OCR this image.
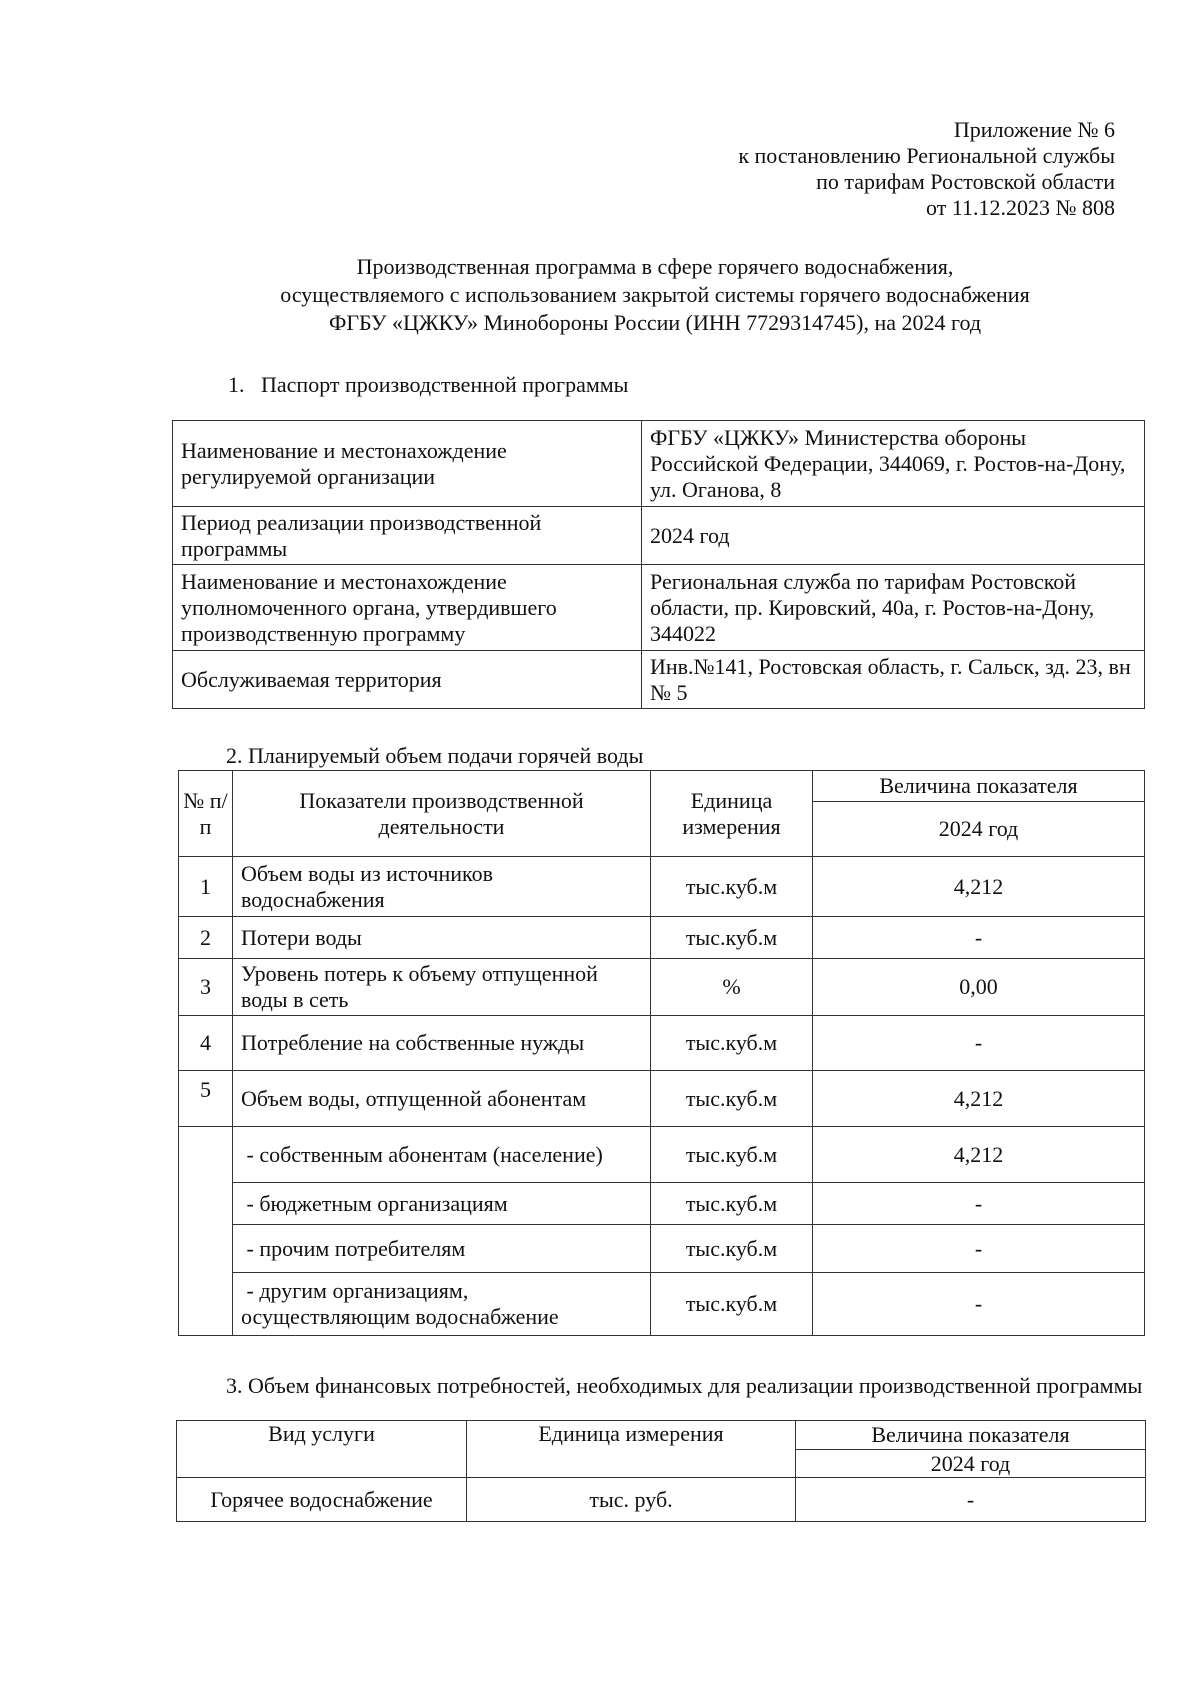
Приложение № 6
к постановлению Региональной службы
по тарифам Ростовской области
от 11.12.2023 № 808
Производственная программа в сфере горячего водоснабжения,
осуществляемого с использованием закрытой системы горячего водоснабжения
ФГБУ «ЦЖКУ» Минобороны России (ИНН 7729314745), на 2024 год
1.   Паспорт производственной программы
Наименование и местонахождение регулируемой организации	ФГБУ «ЦЖКУ» Министерства обороны Российской Федерации, 344069, г. Ростов-на-Дону, ул. Оганова, 8
Период реализации производственной программы	2024 год
Наименование и местонахождение уполномоченного органа, утвердившего производственную программу	Региональная служба по тарифам Ростовской области, пр. Кировский, 40а, г. Ростов-на-Дону, 344022
Обслуживаемая территория	Инв.№141, Ростовская область, г. Сальск, зд. 23, вн № 5
2. Планируемый объем подачи горячей воды
№ п/п	Показатели производственной деятельности	Единица измерения	Величина показателя
			2024 год
1	Объем воды из источников водоснабжения	тыс.куб.м	4,212
2	Потери воды	тыс.куб.м	-
3	Уровень потерь к объему отпущенной воды в сеть	%	0,00
4	Потребление на собственные нужды	тыс.куб.м	-
5	Объем воды, отпущенной абонентам	тыс.куб.м	4,212
	- собственным абонентам (население)	тыс.куб.м	4,212
	- бюджетным организациям	тыс.куб.м	-
	- прочим потребителям	тыс.куб.м	-
	- другим организациям, осуществляющим водоснабжение	тыс.куб.м	-
3. Объем финансовых потребностей, необходимых для реализации производственной программы
Вид услуги	Единица измерения	Величина показателя
		2024 год
Горячее водоснабжение	тыс. руб.	-
